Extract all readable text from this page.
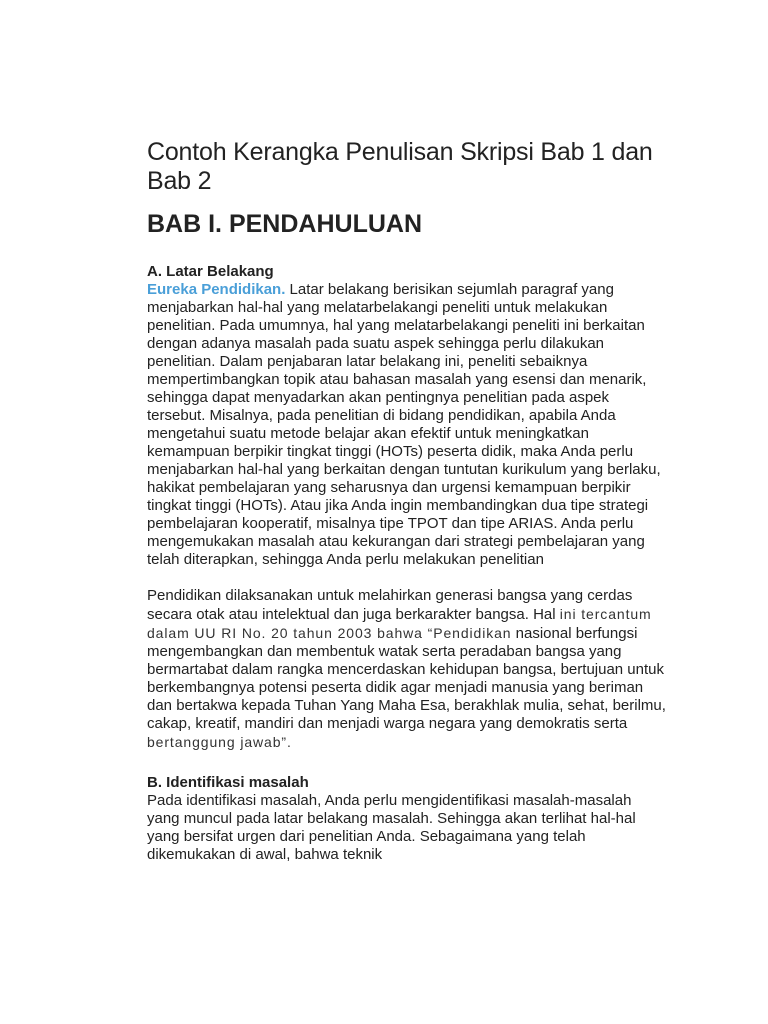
Contoh Kerangka Penulisan Skripsi Bab 1 dan Bab 2
BAB I. PENDAHULUAN
A. Latar Belakang

Eureka Pendidikan. Latar belakang berisikan sejumlah paragraf yang menjabarkan hal-hal yang melatarbelakangi peneliti untuk melakukan penelitian. Pada umumnya, hal yang melatarbelakangi peneliti ini berkaitan dengan adanya masalah pada suatu aspek sehingga perlu dilakukan penelitian. Dalam penjabaran latar belakang ini, peneliti sebaiknya mempertimbangkan topik atau bahasan masalah yang esensi dan menarik, sehingga dapat menyadarkan akan pentingnya penelitian pada aspek tersebut. Misalnya, pada penelitian di bidang pendidikan, apabila Anda mengetahui suatu metode belajar akan efektif untuk meningkatkan kemampuan berpikir tingkat tinggi (HOTs) peserta didik, maka Anda perlu menjabarkan hal-hal yang berkaitan dengan tuntutan kurikulum yang berlaku, hakikat pembelajaran yang seharusnya dan urgensi kemampuan berpikir tingkat tinggi (HOTs). Atau jika Anda ingin membandingkan dua tipe strategi pembelajaran kooperatif, misalnya tipe TPOT dan tipe ARIAS. Anda perlu mengemukakan masalah atau kekurangan dari strategi pembelajaran yang telah diterapkan, sehingga Anda perlu melakukan penelitian

Pendidikan dilaksanakan untuk melahirkan generasi bangsa yang cerdas secara otak atau intelektual dan juga berkarakter bangsa. Hal ini tercantum dalam UU RI No. 20 tahun 2003 bahwa “Pendidikan nasional berfungsi mengembangkan dan membentuk watak serta peradaban bangsa yang bermartabat dalam rangka mencerdaskan kehidupan bangsa, bertujuan untuk berkembangnya potensi peserta didik agar menjadi manusia yang beriman dan bertakwa kepada Tuhan Yang Maha Esa, berakhlak mulia, sehat, berilmu, cakap, kreatif, mandiri dan menjadi warga negara yang demokratis serta bertanggung jawab”.

B. Identifikasi masalah

Pada identifikasi masalah, Anda perlu mengidentifikasi masalah-masalah yang muncul pada latar belakang masalah. Sehingga akan terlihat hal-hal yang bersifat urgen dari penelitian Anda. Sebagaimana yang telah dikemukakan di awal, bahwa teknik
